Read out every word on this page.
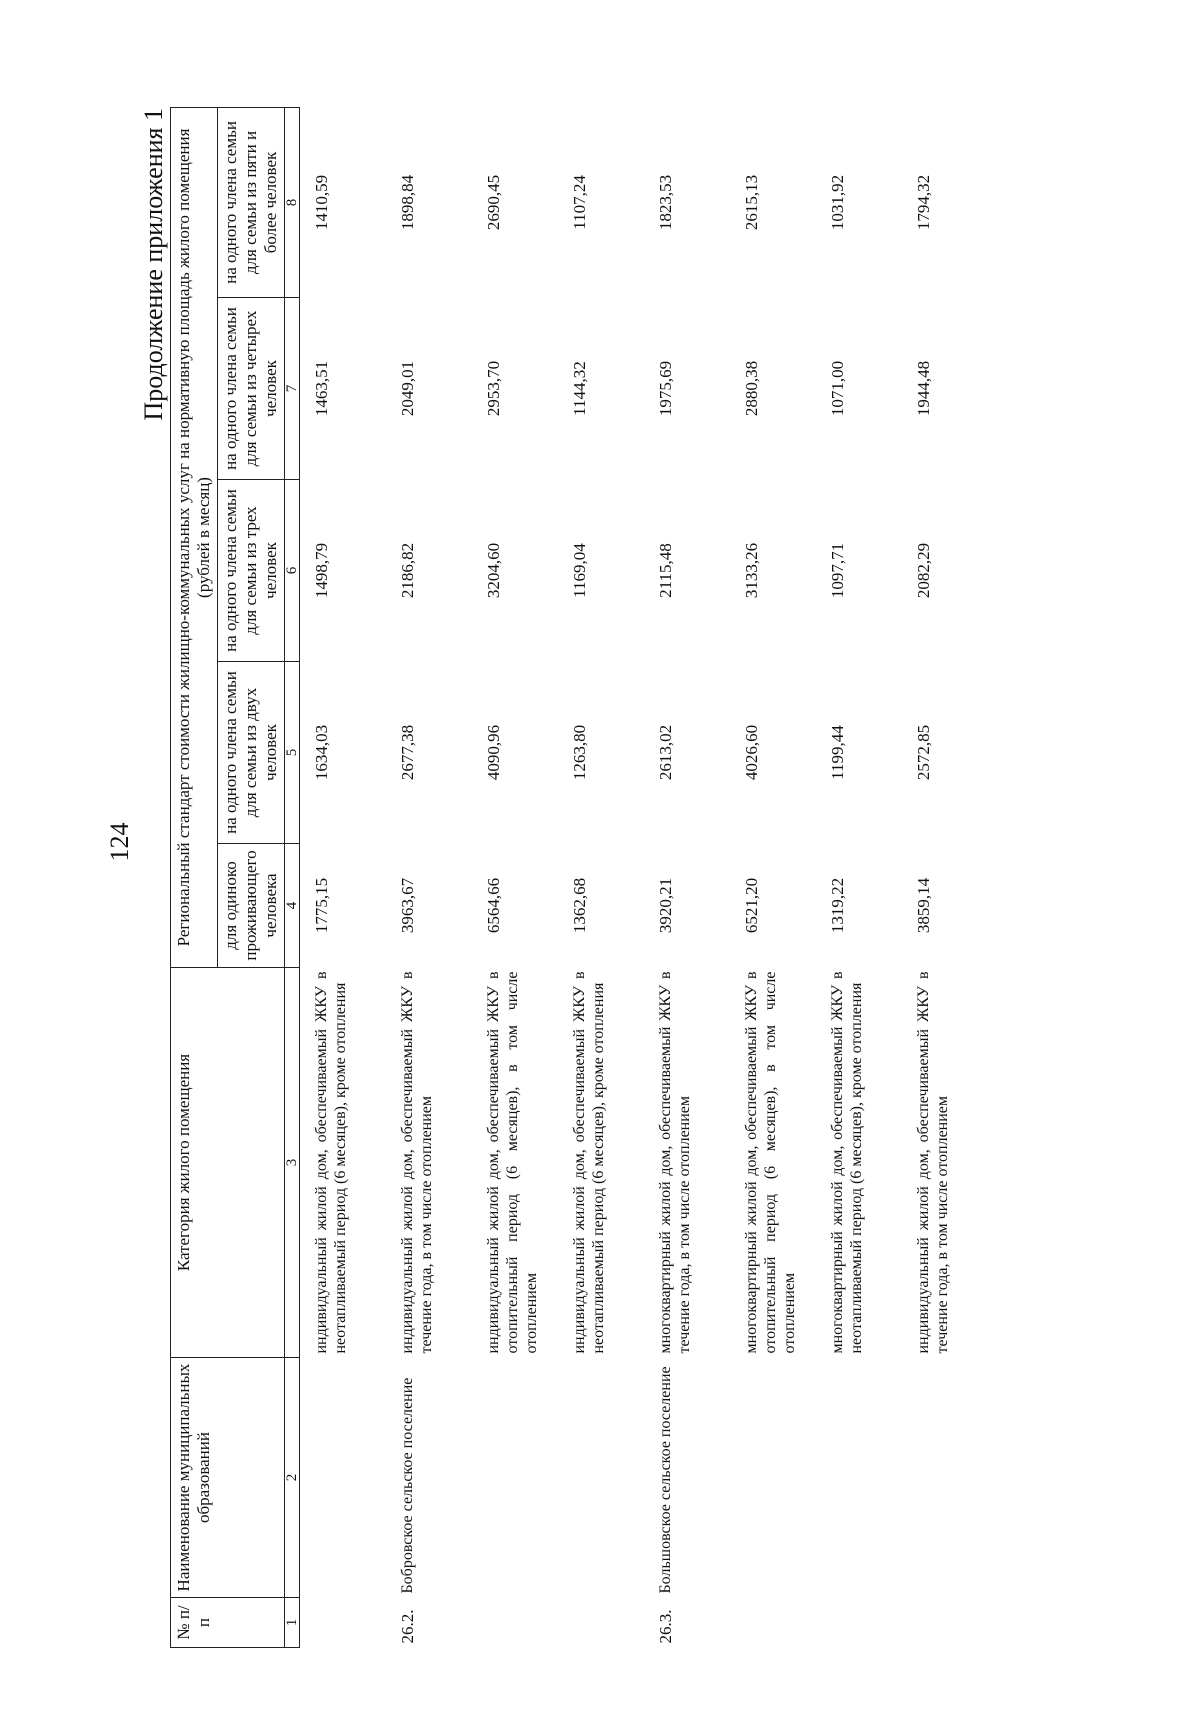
124
Продолжение приложения 1
№ п/п	Наименование муниципальных образований	Категория жилого помещения	Региональный стандарт стоимости жилищно-коммунальных услуг на нормативную площадь жилого помещения (рублей в месяц)				
			для одиноко проживающего человека	на одного члена семьи для семьи из двух человек	на одного члена семьи для семьи из трех человек	на одного члена семьи для семьи из четырех человек	на одного члена семьи для семьи из пяти и более человек
1	2	3	4	5	6	7	8
		индивидуальный жилой дом, обеспечиваемый ЖКУ в неотапливаемый период (6 месяцев), кроме отопления	1775,15	1634,03	1498,79	1463,51	1410,59
26.2.	Бобровское сельское поселение	индивидуальный жилой дом, обеспечиваемый ЖКУ в течение года, в том числе отоплением	3963,67	2677,38	2186,82	2049,01	1898,84
		индивидуальный жилой дом, обеспечиваемый ЖКУ в отопительный период (6 месяцев), в том числе отоплением	6564,66	4090,96	3204,60	2953,70	2690,45
		индивидуальный жилой дом, обеспечиваемый ЖКУ в неотапливаемый период (6 месяцев), кроме отопления	1362,68	1263,80	1169,04	1144,32	1107,24
26.3.	Большовское сельское поселение	многоквартирный жилой дом, обеспечиваемый ЖКУ в течение года, в том числе отоплением	3920,21	2613,02	2115,48	1975,69	1823,53
		многоквартирный жилой дом, обеспечиваемый ЖКУ в отопительный период (6 месяцев), в том числе отоплением	6521,20	4026,60	3133,26	2880,38	2615,13
		многоквартирный жилой дом, обеспечиваемый ЖКУ в неотапливаемый период (6 месяцев), кроме отопления	1319,22	1199,44	1097,71	1071,00	1031,92
		индивидуальный жилой дом, обеспечиваемый ЖКУ в течение года, в том числе отоплением	3859,14	2572,85	2082,29	1944,48	1794,32
